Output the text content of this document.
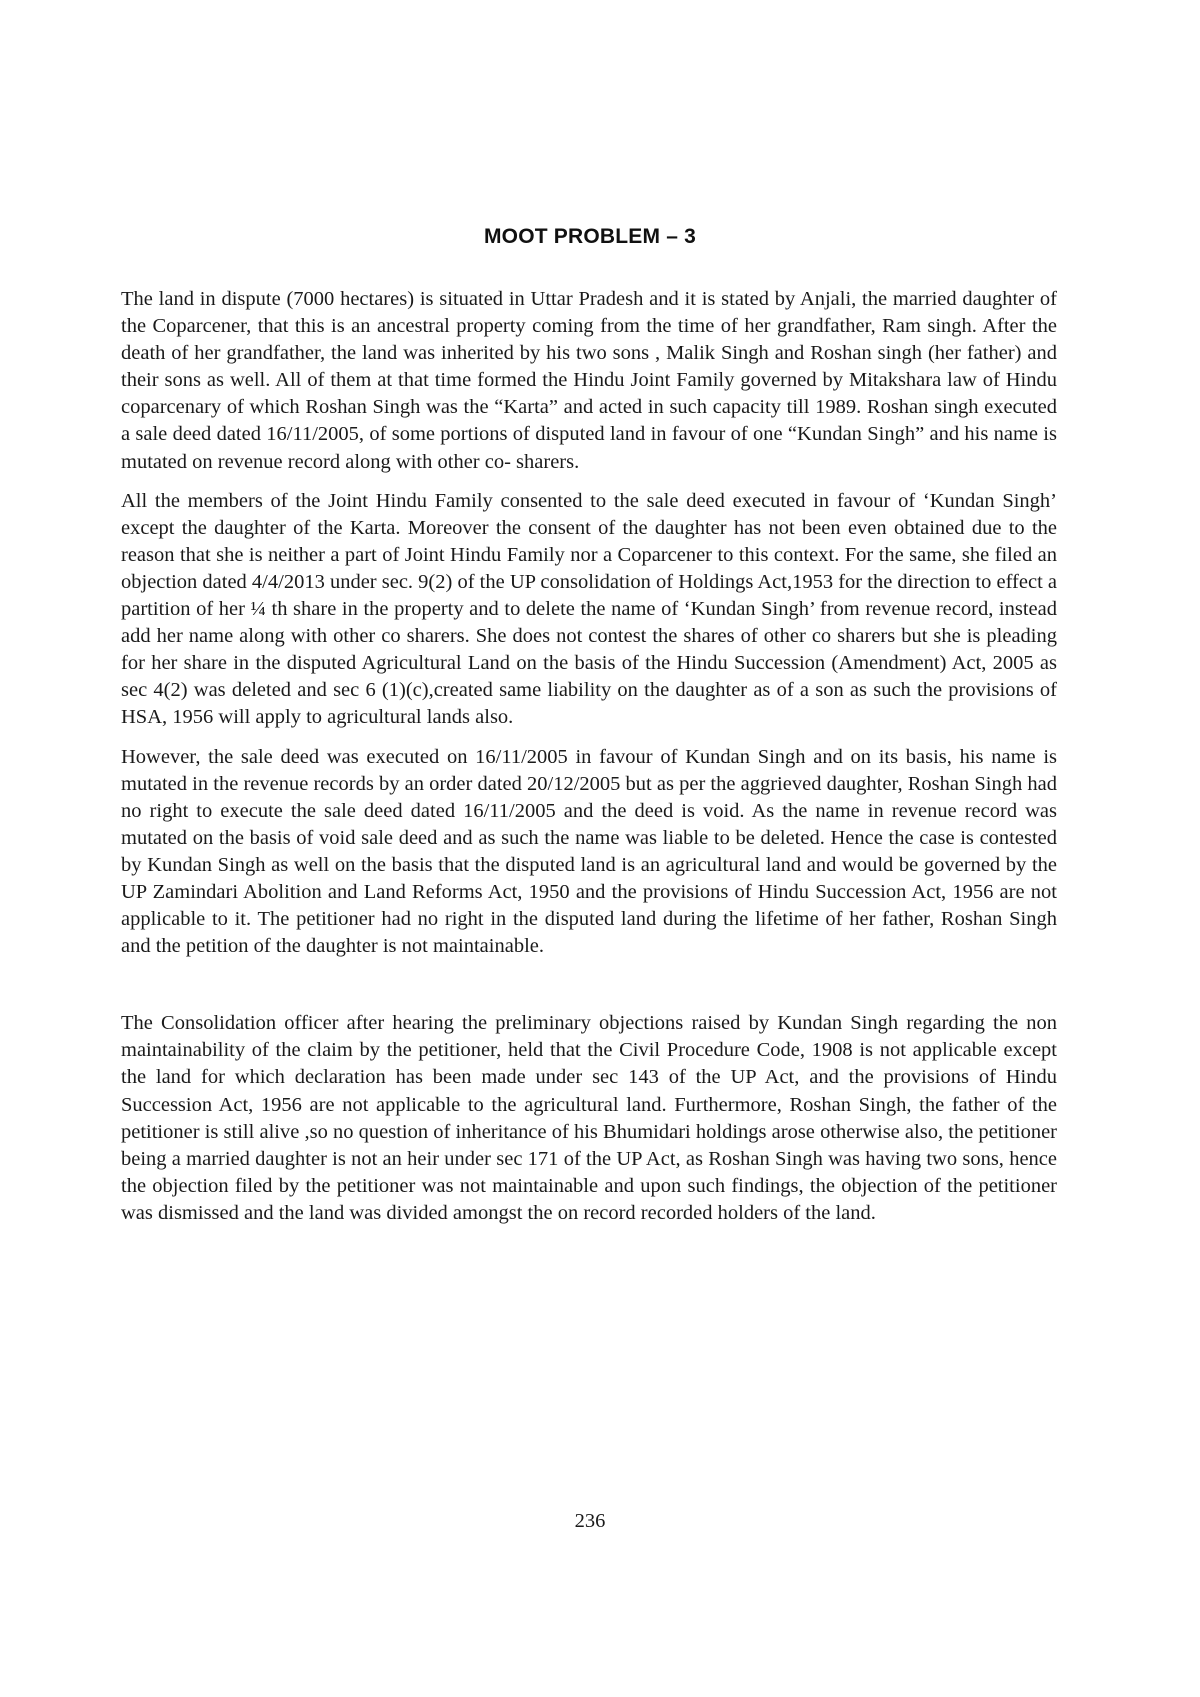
MOOT PROBLEM – 3

The land in dispute (7000 hectares) is situated in Uttar Pradesh and it is stated by Anjali, the married daughter of the Coparcener, that this is an ancestral property coming from the time of her grandfather, Ram singh. After the death of her grandfather, the land was inherited by his two sons , Malik Singh and Roshan singh (her father) and their sons as well. All of them at that time formed the Hindu Joint Family governed by Mitakshara law of Hindu coparcenary of which Roshan Singh was the “Karta” and acted in such capacity till 1989. Roshan singh executed a sale deed dated 16/11/2005, of some portions of disputed land in favour of one “Kundan Singh” and his name is mutated on revenue record along with other co- sharers.

All the members of the Joint Hindu Family consented to the sale deed executed in favour of ‘Kundan Singh’ except the daughter of the Karta. Moreover the consent of the daughter has not been even obtained due to the reason that she is neither a part of Joint Hindu Family nor a Coparcener to this context. For the same, she filed an objection dated 4/4/2013 under sec. 9(2) of the UP consolidation of Holdings Act,1953 for the direction to effect a partition of her ¼ th share in the property and to delete the name of ‘Kundan Singh’ from revenue record, instead add her name along with other co sharers. She does not contest the shares of other co sharers but she is pleading for her share in the disputed Agricultural Land on the basis of the Hindu Succession (Amendment) Act, 2005 as sec 4(2) was deleted and sec 6 (1)(c),created same liability on the daughter as of a son as such the provisions of HSA, 1956 will apply to agricultural lands also.

However, the sale deed was executed on 16/11/2005 in favour of Kundan Singh and on its basis, his name is mutated in the revenue records by an order dated 20/12/2005 but as per the aggrieved daughter, Roshan Singh had no right to execute the sale deed dated 16/11/2005 and the deed is void. As the name in revenue record was mutated on the basis of void sale deed and as such the name was liable to be deleted. Hence the case is contested by Kundan Singh as well on the basis that the disputed land is an agricultural land and would be governed by the UP Zamindari Abolition and Land Reforms Act, 1950 and the provisions of Hindu Succession Act, 1956 are not applicable to it. The petitioner had no right in the disputed land during the lifetime of her father, Roshan Singh and the petition of the daughter is not maintainable.

The Consolidation officer after hearing the preliminary objections raised by Kundan Singh regarding the non maintainability of the claim by the petitioner, held that the Civil Procedure Code, 1908 is not applicable except the land for which declaration has been made under sec 143 of the UP Act, and the provisions of Hindu Succession Act, 1956 are not applicable to the agricultural land. Furthermore, Roshan Singh, the father of the petitioner is still alive ,so no question of inheritance of his Bhumidari holdings arose otherwise also, the petitioner being a married daughter is not an heir under sec 171 of the UP Act, as Roshan Singh was having two sons, hence the objection filed by the petitioner was not maintainable and upon such findings, the objection of the petitioner was dismissed and the land was divided amongst the on record recorded holders of the land.

236
